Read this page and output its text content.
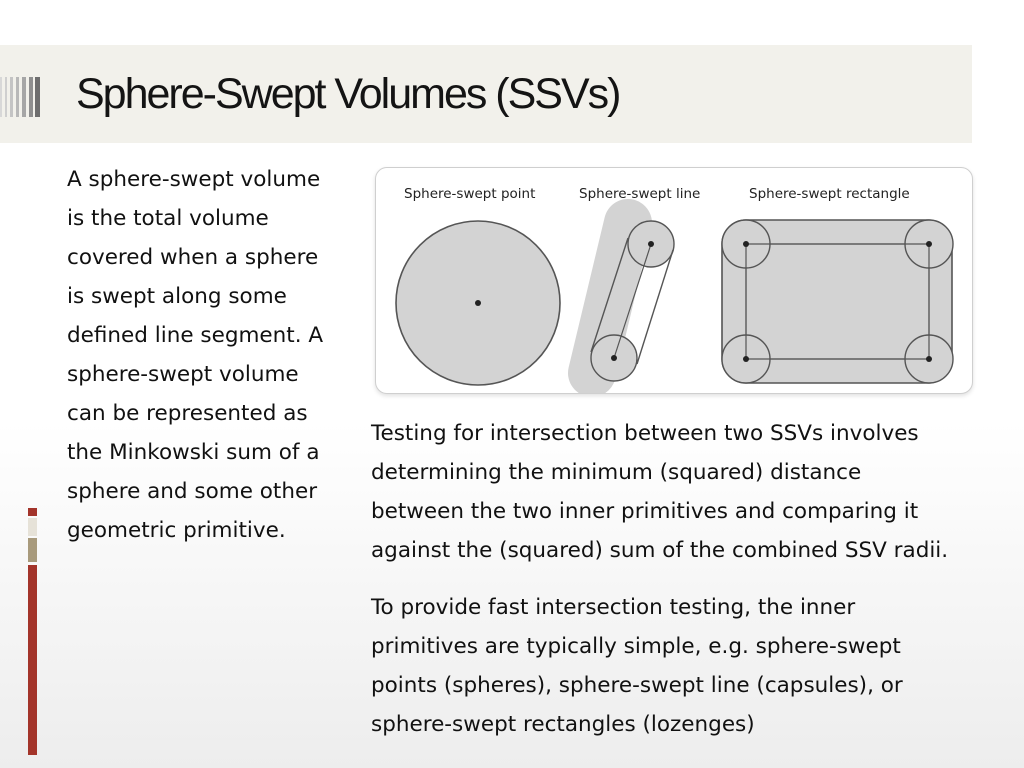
Sphere-Swept Volumes (SSVs)

A sphere-swept volume
is the total volume
covered when a sphere
is swept along some
defined line segment. A
sphere-swept volume
can be represented as
the Minkowski sum of a
sphere and some other
geometric primitive.

Sphere-swept point	Sphere-swept line	Sphere-swept rectangle

Testing for intersection between two SSVs involves
determining the minimum (squared) distance
between the two inner primitives and comparing it
against the (squared) sum of the combined SSV radii.

To provide fast intersection testing, the inner
primitives are typically simple, e.g. sphere-swept
points (spheres), sphere-swept line (capsules), or
sphere-swept rectangles (lozenges)
